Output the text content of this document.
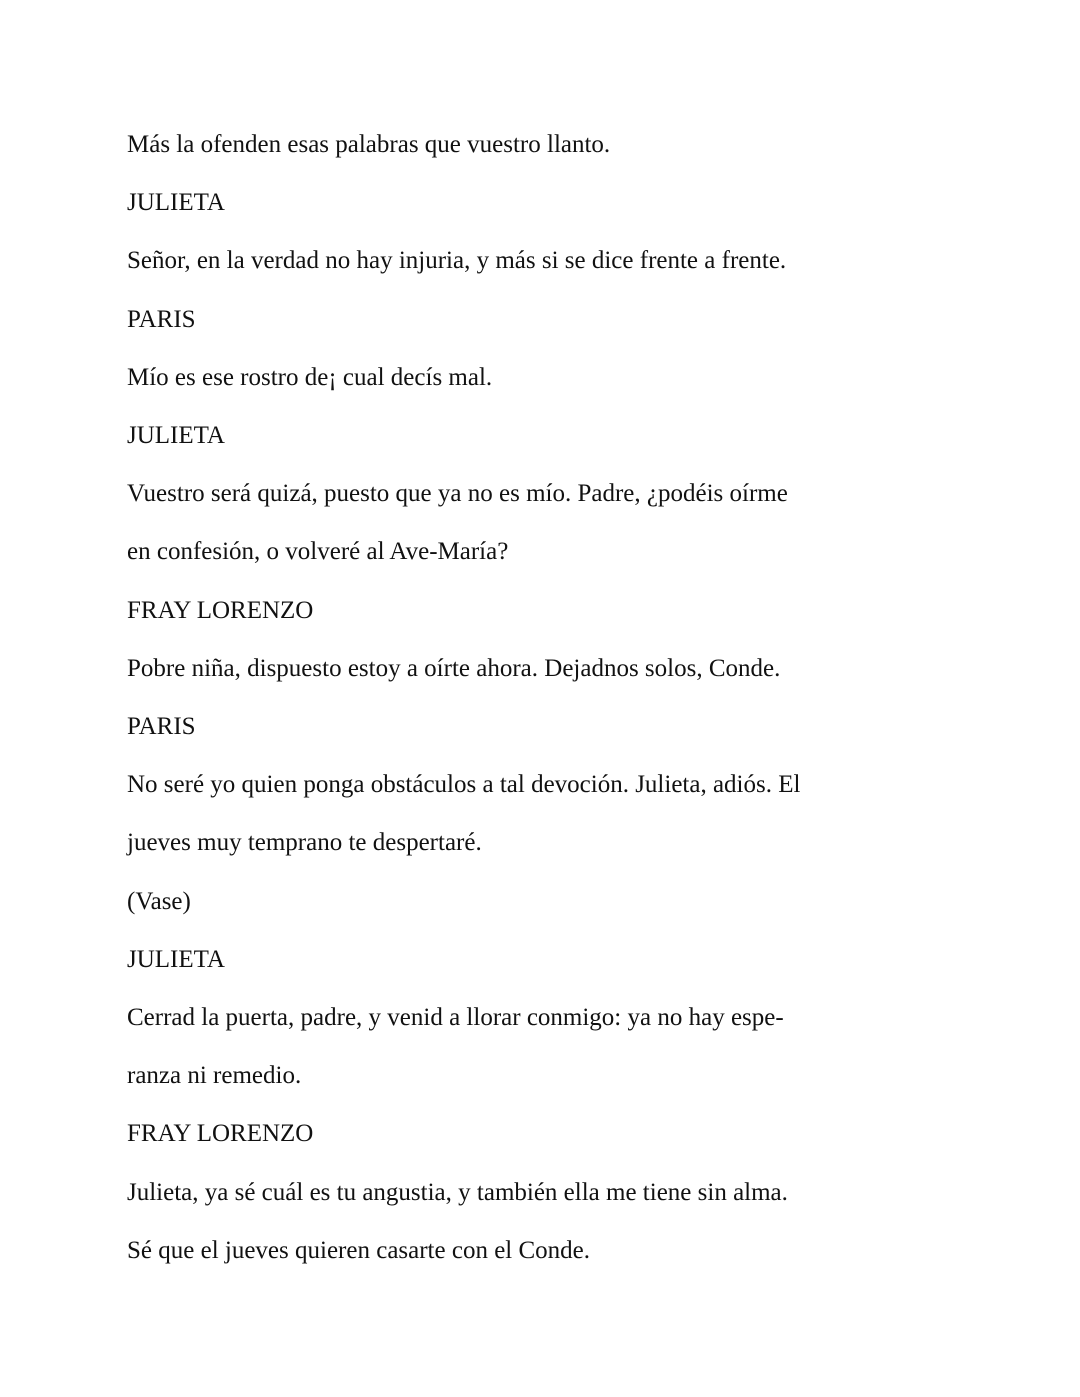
Más la ofenden esas palabras que vuestro llanto.
JULIETA
Señor, en la verdad no hay injuria, y más si se dice frente a frente.
PARIS
Mío es ese rostro de¡ cual decís mal.
JULIETA
Vuestro será quizá, puesto que ya no es mío. Padre, ¿podéis oírme
en confesión, o volveré al Ave-María?
FRAY LORENZO
Pobre niña, dispuesto estoy a oírte ahora. Dejadnos solos, Conde.
PARIS
No seré yo quien ponga obstáculos a tal devoción. Julieta, adiós. El
jueves muy temprano te despertaré.
(Vase)
JULIETA
Cerrad la puerta, padre, y venid a llorar conmigo: ya no hay espe-
ranza ni remedio.
FRAY LORENZO
Julieta, ya sé cuál es tu angustia, y también ella me tiene sin alma.
Sé que el jueves quieren casarte con el Conde.
